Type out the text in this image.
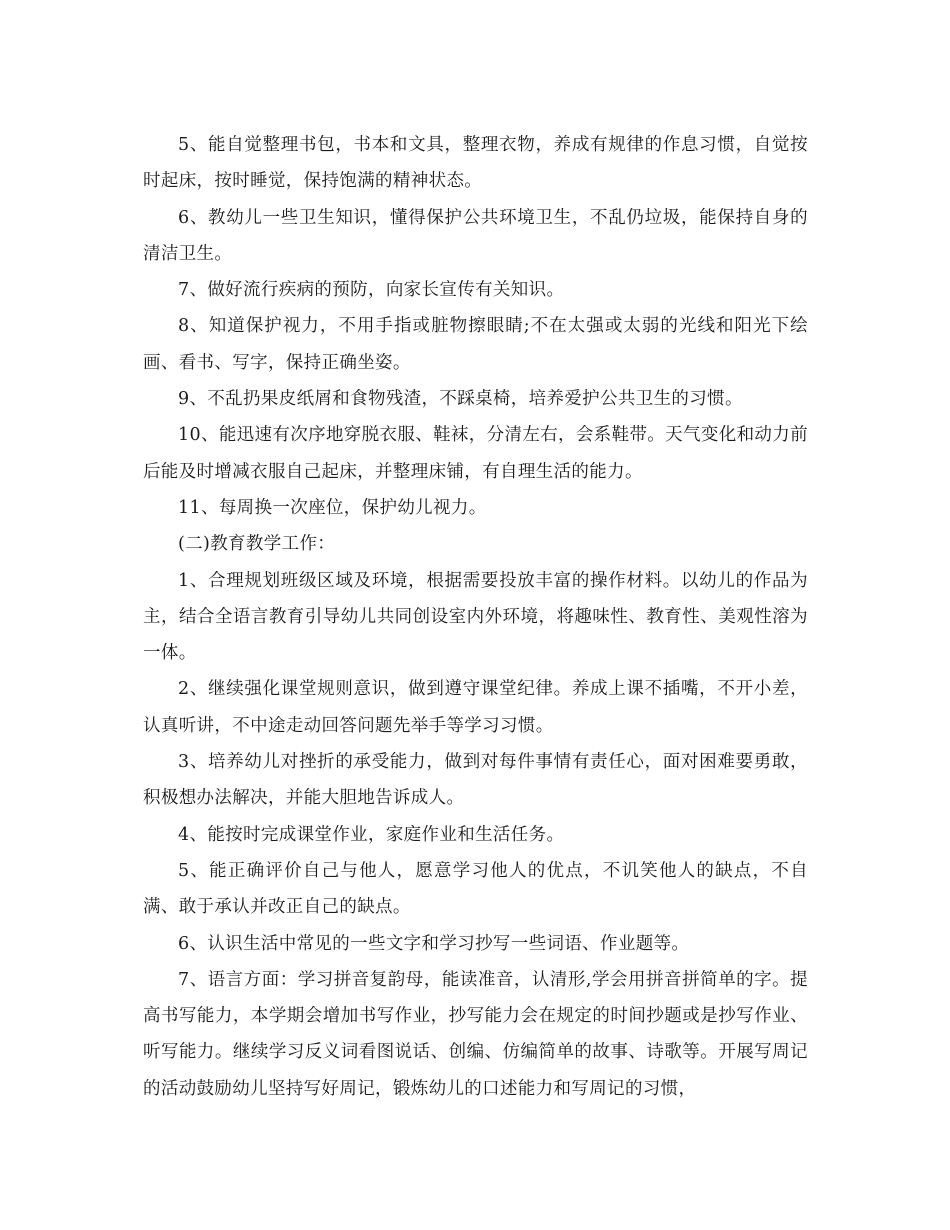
5、能自觉整理书包，书本和文具，整理衣物，养成有规律的作息习惯，自觉按时起床，按时睡觉，保持饱满的精神状态。

6、教幼儿一些卫生知识，懂得保护公共环境卫生，不乱仍垃圾，能保持自身的清洁卫生。

7、做好流行疾病的预防，向家长宣传有关知识。

8、知道保护视力，不用手指或脏物擦眼睛;不在太强或太弱的光线和阳光下绘画、看书、写字，保持正确坐姿。

9、不乱扔果皮纸屑和食物残渣，不踩桌椅，培养爱护公共卫生的习惯。

10、能迅速有次序地穿脱衣服、鞋袜，分清左右，会系鞋带。天气变化和动力前后能及时增减衣服自己起床，并整理床铺，有自理生活的能力。

11、每周换一次座位，保护幼儿视力。

(二)教育教学工作：

1、合理规划班级区域及环境，根据需要投放丰富的操作材料。以幼儿的作品为主，结合全语言教育引导幼儿共同创设室内外环境，将趣味性、教育性、美观性溶为一体。

2、继续强化课堂规则意识，做到遵守课堂纪律。养成上课不插嘴，不开小差，认真听讲，不中途走动回答问题先举手等学习习惯。

3、培养幼儿对挫折的承受能力，做到对每件事情有责任心，面对困难要勇敢，积极想办法解决，并能大胆地告诉成人。

4、能按时完成课堂作业，家庭作业和生活任务。

5、能正确评价自己与他人，愿意学习他人的优点，不讥笑他人的缺点，不自满、敢于承认并改正自己的缺点。

6、认识生活中常见的一些文字和学习抄写一些词语、作业题等。

7、语言方面：学习拼音复韵母，能读准音，认清形,学会用拼音拼简单的字。提高书写能力，本学期会增加书写作业，抄写能力会在规定的时间抄题或是抄写作业、听写能力。继续学习反义词看图说话、创编、仿编简单的故事、诗歌等。开展写周记的活动鼓励幼儿坚持写好周记，锻炼幼儿的口述能力和写周记的习惯，
